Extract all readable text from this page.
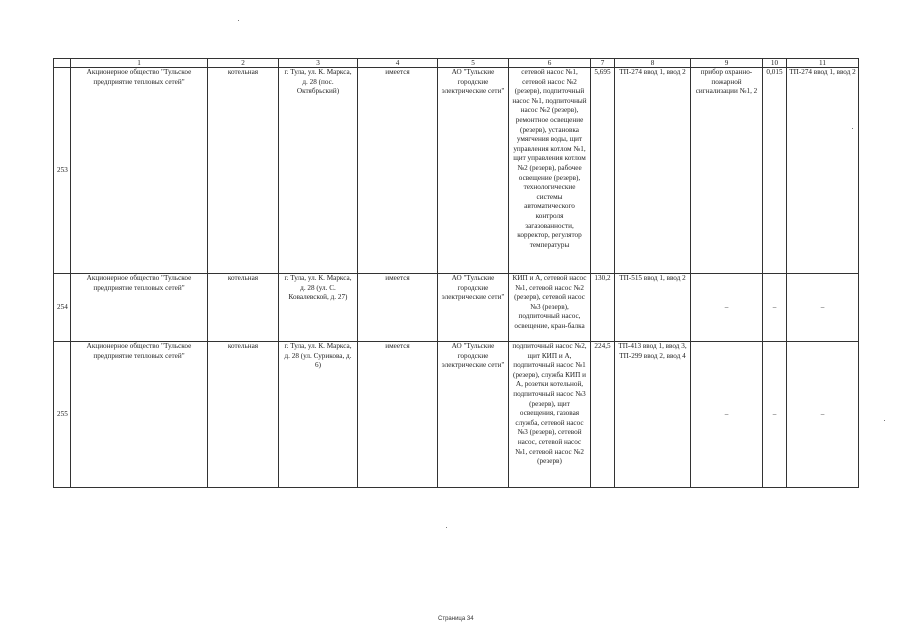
	1	2	3	4	5	6	7	8	9	10	11
253	Акционерное общество "Тульское предприятие тепловых сетей"	котельная	г. Тула, ул. К. Маркса, д. 28 (пос. Октябрьский)	имеется	АО "Тульские городские электрические сети"	сетевой насос №1, сетевой насос №2 (резерв), подпиточный насос №1, подпиточный насос №2 (резерв), ремонтное освещение (резерв), установка умягчения воды, щит управления котлом №1, щит управления котлом №2 (резерв), рабочее освещение (резерв), технологические системы автоматического контроля загазованности, корректор, регулятор температуры	5,695	ТП-274 ввод 1, ввод 2	прибор охранно-пожарной сигнализации №1, 2	0,015	ТП-274 ввод 1, ввод 2
254	Акционерное общество "Тульское предприятие тепловых сетей"	котельная	г. Тула, ул. К. Маркса, д. 28 (ул. С. Ковалевской, д. 27)	имеется	АО "Тульские городские электрические сети"	КИП и А, сетевой насос №1, сетевой насос №2 (резерв), сетевой насос №3 (резерв), подпиточный насос, освещение, кран-балка	130,2	ТП-515 ввод 1, ввод 2	–	–	–
255	Акционерное общество "Тульское предприятие тепловых сетей"	котельная	г. Тула, ул. К. Маркса, д. 28 (ул. Сурикова, д. 6)	имеется	АО "Тульские городские электрические сети"	подпиточный насос №2, щит КИП и А, подпиточный насос №1 (резерв), служба КИП и А, розетки котельной, подпиточный насос №3 (резерв), щит освещения, газовая служба, сетевой насос №3 (резерв), сетевой насос, сетевой насос №1, сетевой насос №2 (резерв)	224,5	ТП-413 ввод 1, ввод 3, ТП-299 ввод 2, ввод 4	–	–	–
Страница 34
